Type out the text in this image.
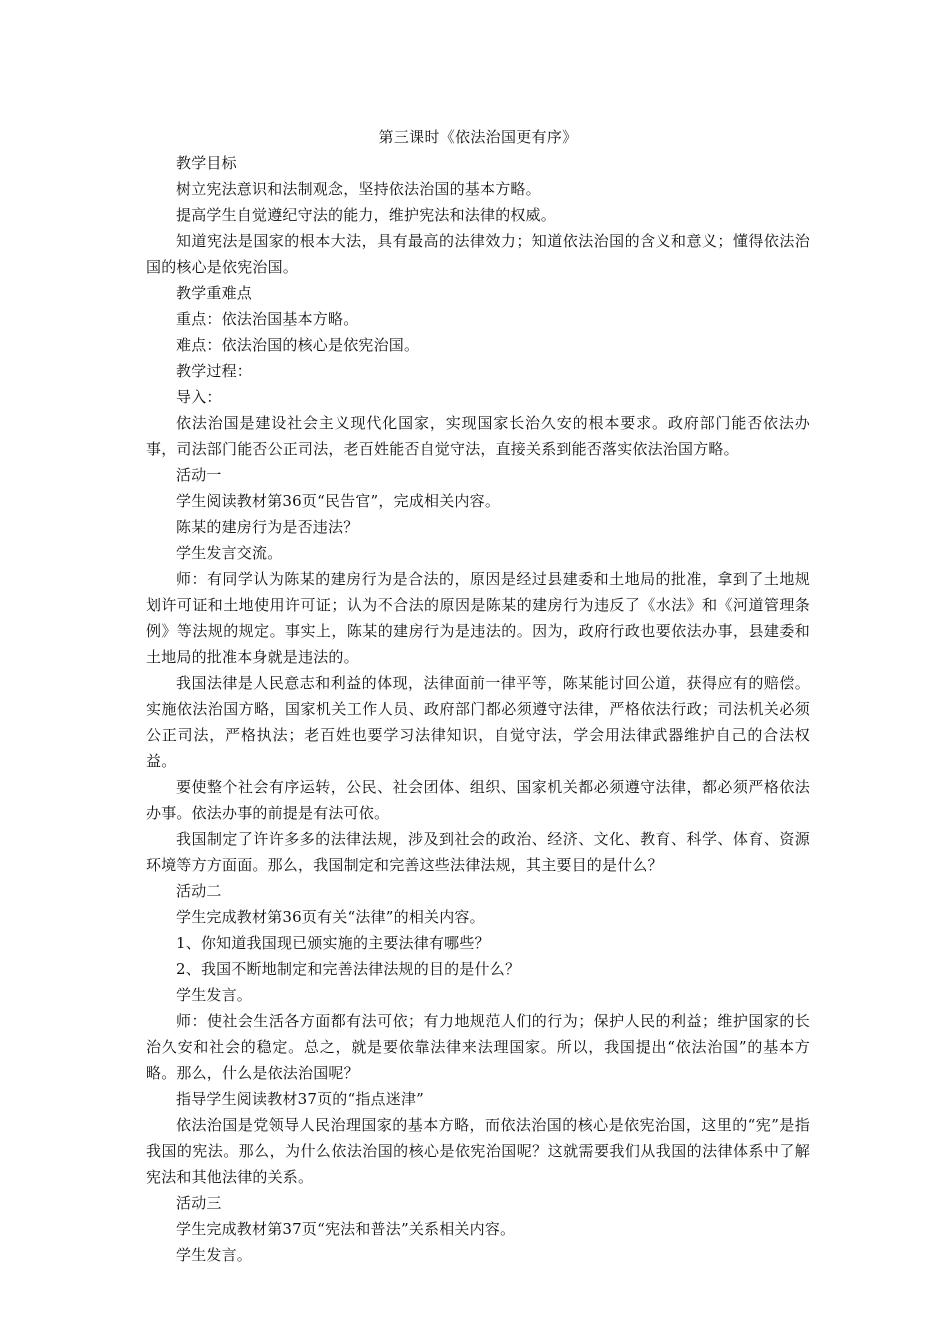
第三课时《依法治国更有序》

教学目标

树立宪法意识和法制观念，坚持依法治国的基本方略。

提高学生自觉遵纪守法的能力，维护宪法和法律的权威。

知道宪法是国家的根本大法，具有最高的法律效力；知道依法治国的含义和意义；懂得依法治国的核心是依宪治国。

教学重难点

重点：依法治国基本方略。

难点：依法治国的核心是依宪治国。

教学过程：

导入：

依法治国是建设社会主义现代化国家，实现国家长治久安的根本要求。政府部门能否依法办事，司法部门能否公正司法，老百姓能否自觉守法，直接关系到能否落实依法治国方略。

活动一

学生阅读教材第36页“民告官”，完成相关内容。

陈某的建房行为是否违法？

学生发言交流。

师：有同学认为陈某的建房行为是合法的，原因是经过县建委和土地局的批准，拿到了土地规划许可证和土地使用许可证；认为不合法的原因是陈某的建房行为违反了《水法》和《河道管理条例》等法规的规定。事实上，陈某的建房行为是违法的。因为，政府行政也要依法办事，县建委和土地局的批准本身就是违法的。

我国法律是人民意志和利益的体现，法律面前一律平等，陈某能讨回公道，获得应有的赔偿。实施依法治国方略，国家机关工作人员、政府部门都必须遵守法律，严格依法行政；司法机关必须公正司法，严格执法；老百姓也要学习法律知识，自觉守法，学会用法律武器维护自己的合法权益。

要使整个社会有序运转，公民、社会团体、组织、国家机关都必须遵守法律，都必须严格依法办事。依法办事的前提是有法可依。

我国制定了许许多多的法律法规，涉及到社会的政治、经济、文化、教育、科学、体育、资源环境等方方面面。那么，我国制定和完善这些法律法规，其主要目的是什么？

活动二

学生完成教材第36页有关“法律”的相关内容。

1、你知道我国现已颁实施的主要法律有哪些？

2、我国不断地制定和完善法律法规的目的是什么？

学生发言。

师：使社会生活各方面都有法可依；有力地规范人们的行为；保护人民的利益；维护国家的长治久安和社会的稳定。总之，就是要依靠法律来法理国家。所以，我国提出“依法治国”的基本方略。那么，什么是依法治国呢？

指导学生阅读教材37页的“指点迷津”

依法治国是党领导人民治理国家的基本方略，而依法治国的核心是依宪治国，这里的“宪”是指我国的宪法。那么，为什么依法治国的核心是依宪治国呢？这就需要我们从我国的法律体系中了解宪法和其他法律的关系。

活动三

学生完成教材第37页“宪法和普法”关系相关内容。

学生发言。
